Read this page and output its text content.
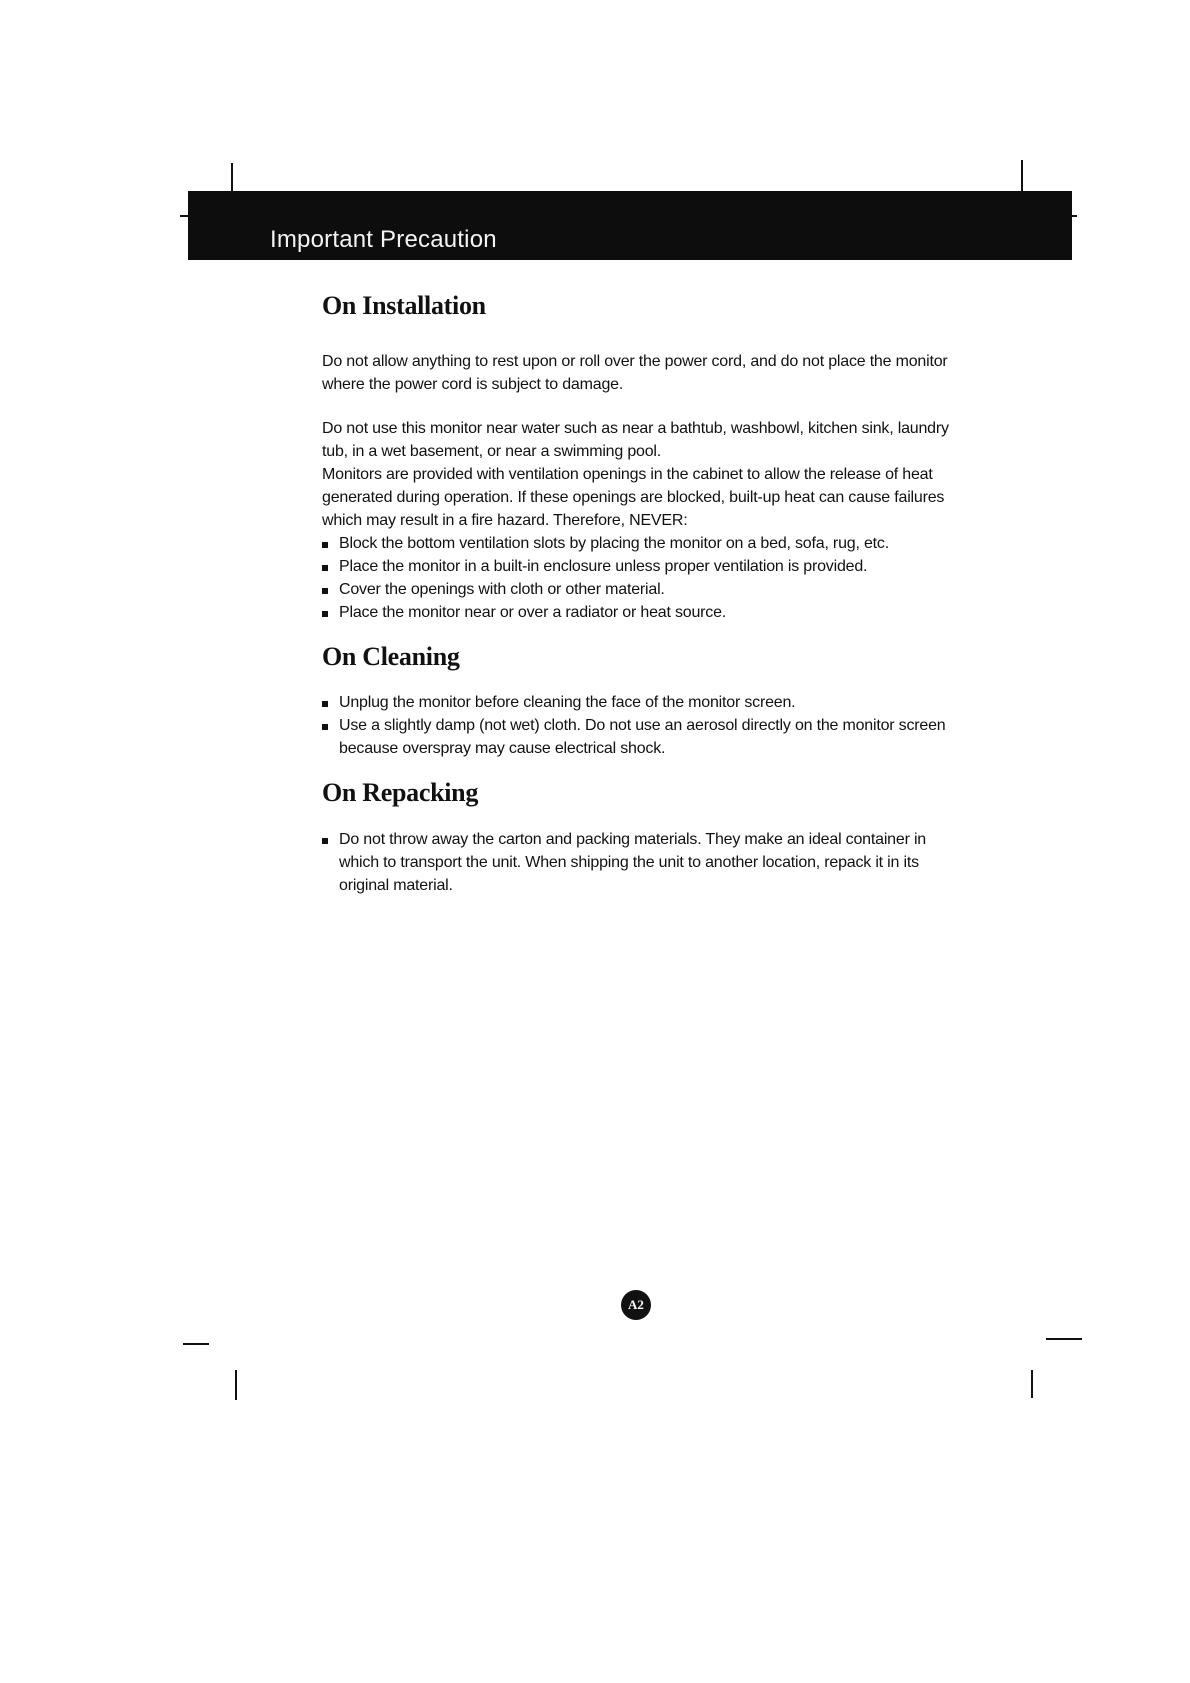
Important Precaution
On Installation

Do not allow anything to rest upon or roll over the power cord, and do not place the monitor where the power cord is subject to damage.

Do not use this monitor near water such as near a bathtub, washbowl, kitchen sink, laundry tub, in a wet basement, or near a swimming pool.

Monitors are provided with ventilation openings in the cabinet to allow the release of heat generated during operation. If these openings are blocked, built-up heat can cause failures which may result in a fire hazard. Therefore, NEVER:

Block the bottom ventilation slots by placing the monitor on a bed, sofa, rug, etc.
Place the monitor in a built-in enclosure unless proper ventilation is provided.
Cover the openings with cloth or other material.
Place the monitor near or over a radiator or heat source.
On Cleaning
Unplug the monitor before cleaning the face of the monitor screen.
Use a slightly damp (not wet) cloth. Do not use an aerosol directly on the monitor screen because overspray may cause electrical shock.
On Repacking
Do not throw away the carton and packing materials. They make an ideal container in which to transport the unit. When shipping the unit to another location, repack it in its original material.
A2
